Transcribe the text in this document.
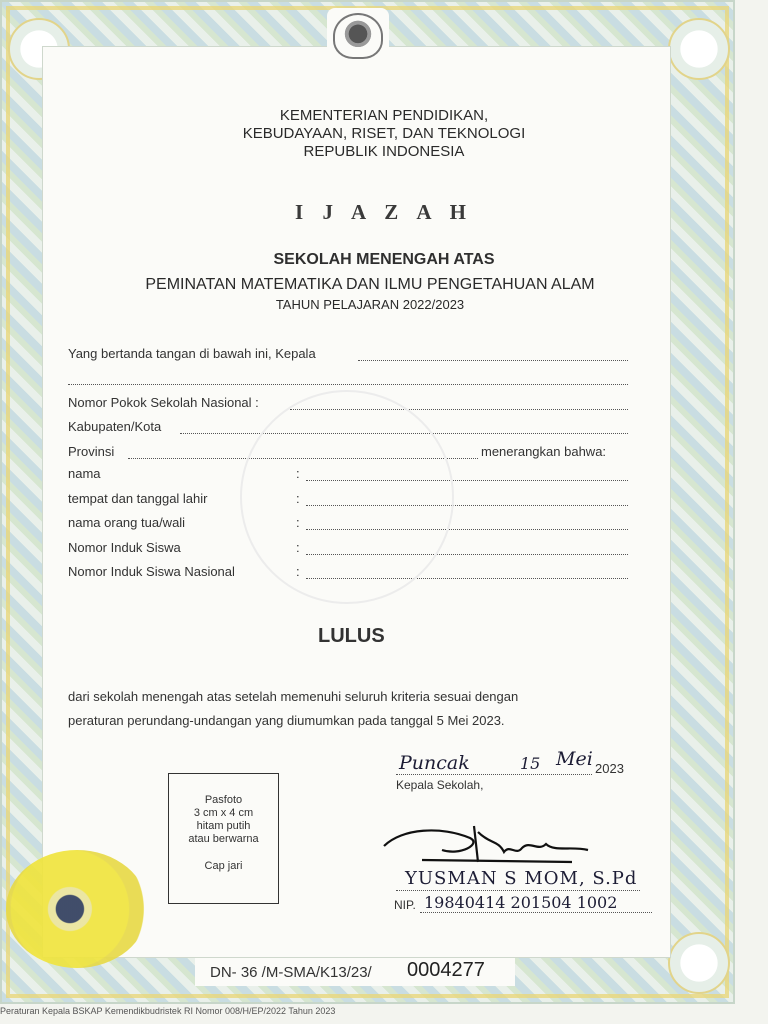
KEMENTERIAN PENDIDIKAN,
KEBUDAYAAN, RISET, DAN TEKNOLOGI
REPUBLIK INDONESIA
I J A Z A H
SEKOLAH MENENGAH ATAS
PEMINATAN MATEMATIKA DAN ILMU PENGETAHUAN ALAM
TAHUN PELAJARAN 2022/2023
Yang bertanda tangan di bawah ini, Kepala
Nomor Pokok Sekolah Nasional :
Kabupaten/Kota
Provinsi	menerangkan bahwa:
nama	:
tempat dan tanggal lahir	:
nama orang tua/wali	:
Nomor Induk Siswa	:
Nomor Induk Siswa Nasional	:
LULUS
dari sekolah menengah atas setelah memenuhi seluruh kriteria sesuai dengan
peraturan perundang-undangan yang diumumkan pada tanggal 5 Mei 2023.
Puncak	15 Mei 2023
Kepala Sekolah,
YUSMAN S MOM, S.Pd
NIP. 19840414 201504 1002
Pasfoto
3 cm x 4 cm
hitam putih
atau berwarna
Cap jari
DN- 36 /M-SMA/K13/23/ 0004277
Peraturan Kepala BSKAP Kemendikbudristek RI Nomor 008/H/EP/2022 Tahun 2023
